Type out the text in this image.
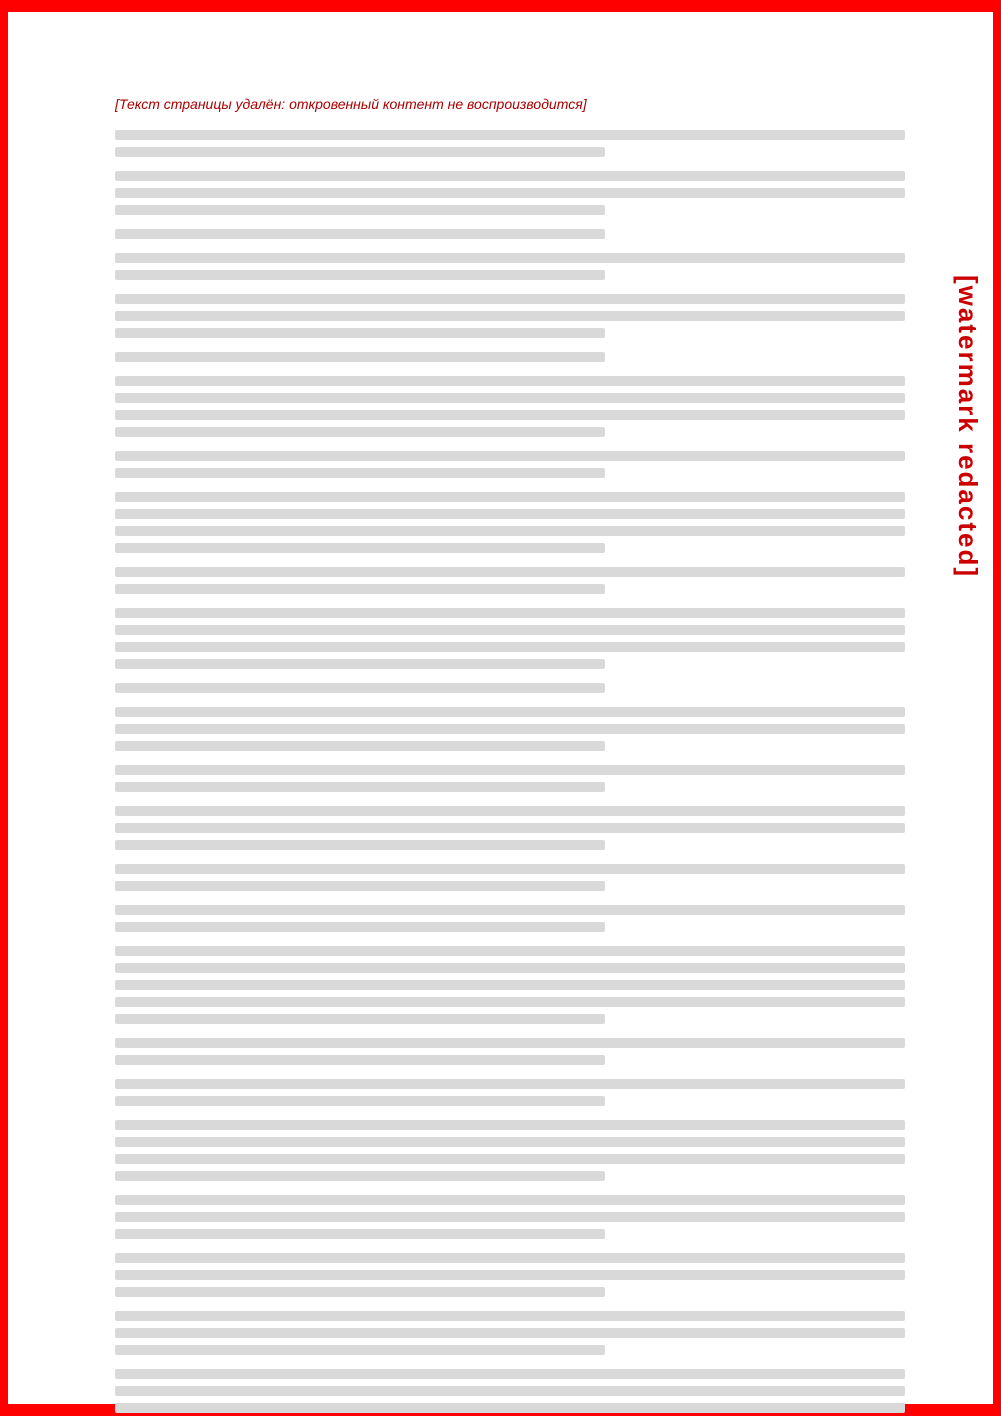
[watermark redacted]
[Текст страницы удалён: откровенный контент не воспроизводится]
